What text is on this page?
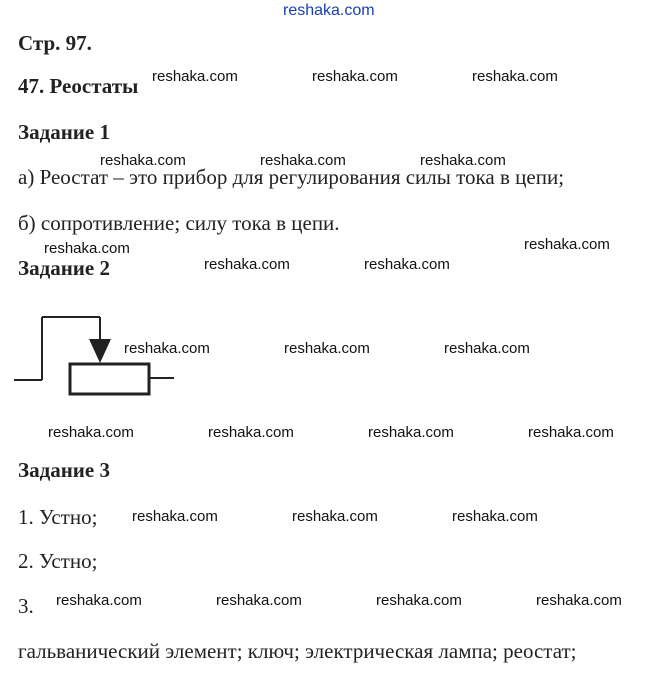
reshaka.com
Стр. 97.
47. Реостаты
Задание 1
а) Реостат – это прибор для регулирования силы тока в цепи;
б) сопротивление; силу тока в цепи.
Задание 2
Задание 3
1. Устно;
2. Устно;
3.
гальванический элемент; ключ; электрическая лампа; реостат;
reshaka.com	reshaka.com	reshaka.com
reshaka.com	reshaka.com	reshaka.com
reshaka.com	reshaka.com
reshaka.com	reshaka.com
reshaka.com	reshaka.com	reshaka.com
reshaka.com	reshaka.com	reshaka.com	reshaka.com
reshaka.com	reshaka.com	reshaka.com
reshaka.com	reshaka.com	reshaka.com	reshaka.com
